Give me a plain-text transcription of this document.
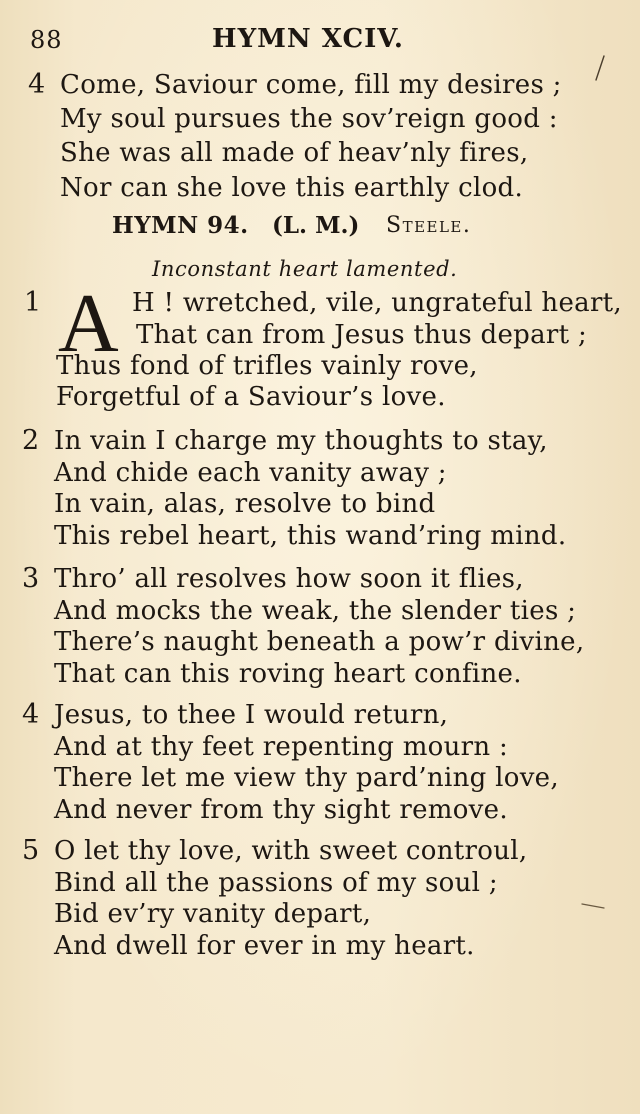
88	HYMN XCIV.
4 Come, Saviour come, fill my desires ;
My soul pursues the sov’reign good :
She was all made of heav’nly fires,
Nor can she love this earthly clod.
HYMN 94. (L. M.) Steele.
Inconstant heart lamented.
1	H ! wretched, vile, ungrateful heart,
That can from Jesus thus depart ;
Thus fond of trifles vainly rove,
Forgetful of a Saviour’s love.
A
2 In vain I charge my thoughts to stay,
And chide each vanity away ;
In vain, alas, resolve to bind
This rebel heart, this wand’ring mind.
3 Thro’ all resolves how soon it flies,
And mocks the weak, the slender ties ;
There’s naught beneath a pow’r divine,
That can this roving heart confine.
4 Jesus, to thee I would return,
And at thy feet repenting mourn :
There let me view thy pard’ning love,
And never from thy sight remove.
5 O let thy love, with sweet controul,
Bind all the passions of my soul ;
Bid ev’ry vanity depart,
And dwell for ever in my heart.
